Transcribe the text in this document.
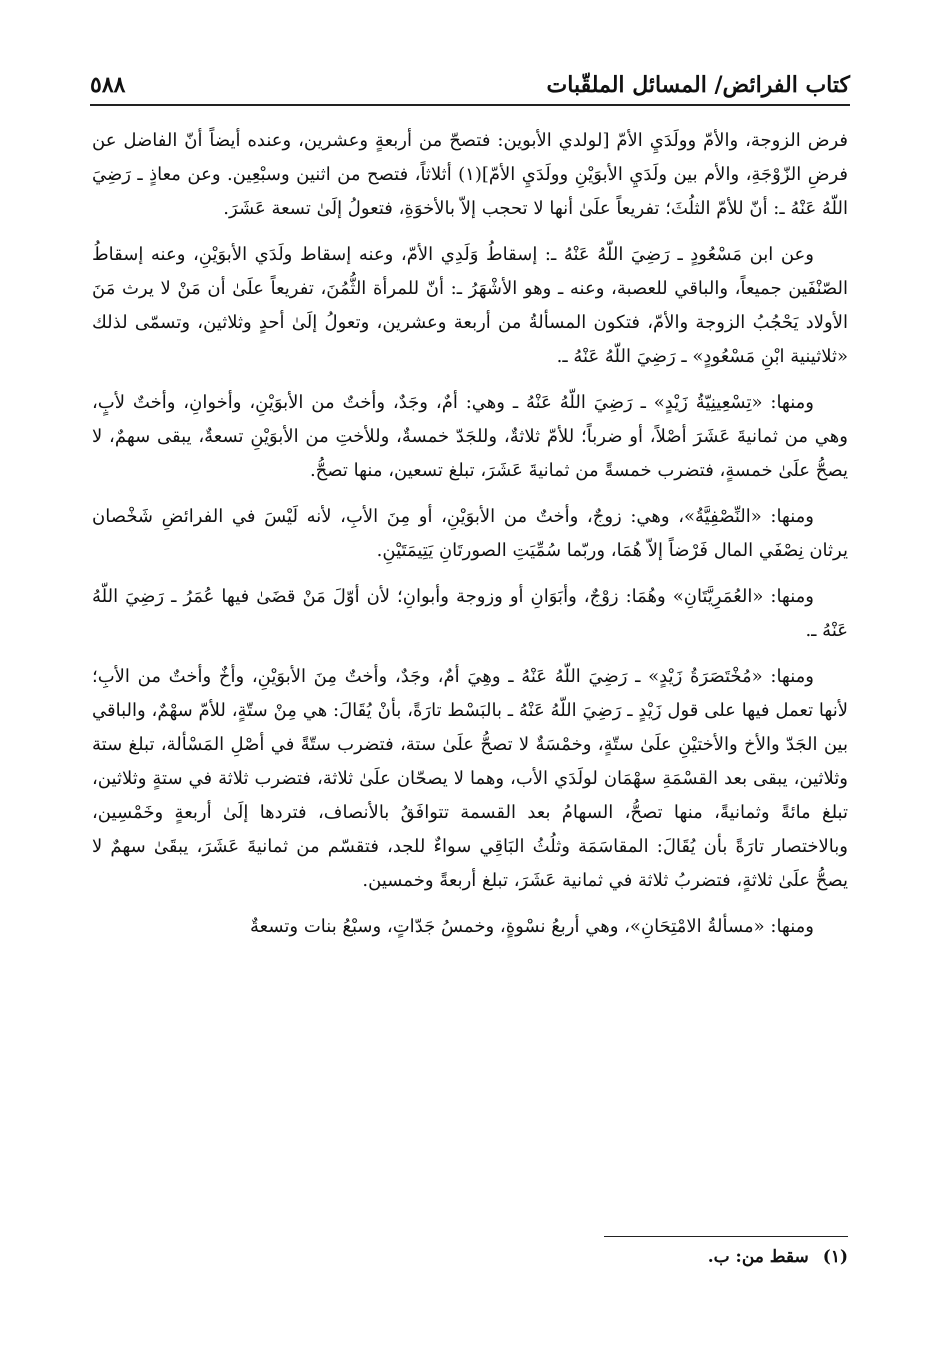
كتاب الفرائض/ المسائل الملقّبات
٥٨٨

فرض الزوجة، والأمّ وولَدَيِ الأمّ [لولدي الأبوين: فتصحّ من أربعةٍ وعشرين، وعنده أيضاً أنّ الفاضل عن فرضِ الزّوْجَةِ، والأم بين ولَدَيِ الأبوَيْنِ وولَدَيِ الأمّ](١) أثلاثاً، فتصح من اثنين وسبْعِين. وعن معاذٍ ـ رَضِيَ اللّهُ عَنْهُ ـ: أنّ للأمّ الثلُثَ؛ تفريعاً علَىٰ أنها لا تحجب إلاّ بالأخوَةِ، فتعولُ إلَىٰ تسعة عَشَرَ.

وعن ابن مَسْعُودٍ ـ رَضِيَ اللّهُ عَنْهُ ـ: إسقاطُ وَلَدِي الأمّ، وعنه إسقاط ولَدَي الأبوَيْنِ، وعنه إسقاطُ الصّنْفَين جميعاً، والباقي للعصبة، وعنه ـ وهو الأشْهَرُ ـ: أنّ للمرأة الثُّمُنَ، تفريعاً علَىٰ أن مَنْ لا يرث مَنَ الأولاد يَحْجُبُ الزوجة والأمّ، فتكون المسألةُ من أربعة وعشرين، وتعولُ إلَىٰ أحدٍ وثلاثين، وتسمّى لذلك «ثلاثينية ابْنِ مَسْعُودٍ» ـ رَضِيَ اللّهُ عَنْهُ ـ.

ومنها: «تِسْعِينِيّةُ زَيْدٍ» ـ رَضِيَ اللّهُ عَنْهُ ـ وهي: أمٌ، وجَدٌ، وأختٌ من الأبوَيْنِ، وأخوانِ، وأختٌ لأبٍ، وهي من ثمانيةَ عَشَرَ أصْلاً، أو ضرباً؛ للأمّ ثلاثةٌ، وللجَدّ خمسةٌ، وللأختِ من الأبوَيْنِ تسعةٌ، يبقى سهمٌ، لا يصحُّ علَىٰ خمسةٍ، فتضرب خمسةً من ثمانيةَ عَشَرَ، تبلغ تسعين، منها تصحُّ.

ومنها: «النِّصْفِيَّةُ»، وهي: زوجٌ، وأختٌ من الأبوَيْنِ، أو مِنَ الأبِ، لأنه لَيْسَ في الفرائضِ شَخْصان يرثان نِصْفَي المال فَرْضاً إلاّ هُمَا، وربّما سُمِّيَتِ الصورتَانِ يَتِيمَتَيْنِ.

ومنها: «العُمَرِيَّتَانِ» وهُمَا: زوْجٌ، وأبَوَانِ أو وزوجة وأبوانِ؛ لأن أوّلَ مَنْ قضَىٰ فيها عُمَرُ ـ رَضِيَ اللّهُ عَنْهُ ـ.

ومنها: «مُخْتَصَرَةُ زَيْدٍ» ـ رَضِيَ اللّهُ عَنْهُ ـ وهِيَ أمٌ، وجَدٌ، وأختٌ مِنَ الأبوَيْنِ، وأخٌ وأختٌ من الأبِ؛ لأنها تعمل فيها على قول زَيْدٍ ـ رَضِيَ اللّهُ عَنْهُ ـ بالبَسْط تارَةً، بأنْ يُقَالَ: هي مِنْ ستّةٍ، للأمّ سهْمٌ، والباقي بين الجَدّ والأخ والأختيْنِ علَىٰ ستّةٍ، وخمْسَةٌ لا تصحُّ علَىٰ ستة، فتضرب ستّةً في أصْلِ المَسْألة، تبلغ ستة وثلاثين، يبقى بعد القسْمَةِ سهْمَان لولَدَي الأب، وهما لا يصحّان علَىٰ ثلاثة، فتضرب ثلاثة في ستةٍ وثلاثين، تبلغ مائةً وثمانيةً، منها تصحُّ، السهامُ بعد القسمة تتوافَقُ بالأنصاف، فتردها إلَىٰ أربعةٍ وخَمْسِين، وبالاختصار تارَةً بأن يُقَالَ: المقاسَمَة وثلُثُ البَاقِي سواءٌ للجد، فتقسّم من ثمانيةَ عَشَرَ، يبقَىٰ سهمٌ لا يصحُّ علَىٰ ثلاثةٍ، فتضربُ ثلاثة في ثمانية عَشَرَ، تبلغ أربعةً وخمسين.

ومنها: «مسألةُ الامْتِحَانِ»، وهي أربعُ نسْوةٍ، وخمسُ جَدّاتٍ، وسبْعُ بنات وتسعةٌ

(١)
سقط من: ب.
